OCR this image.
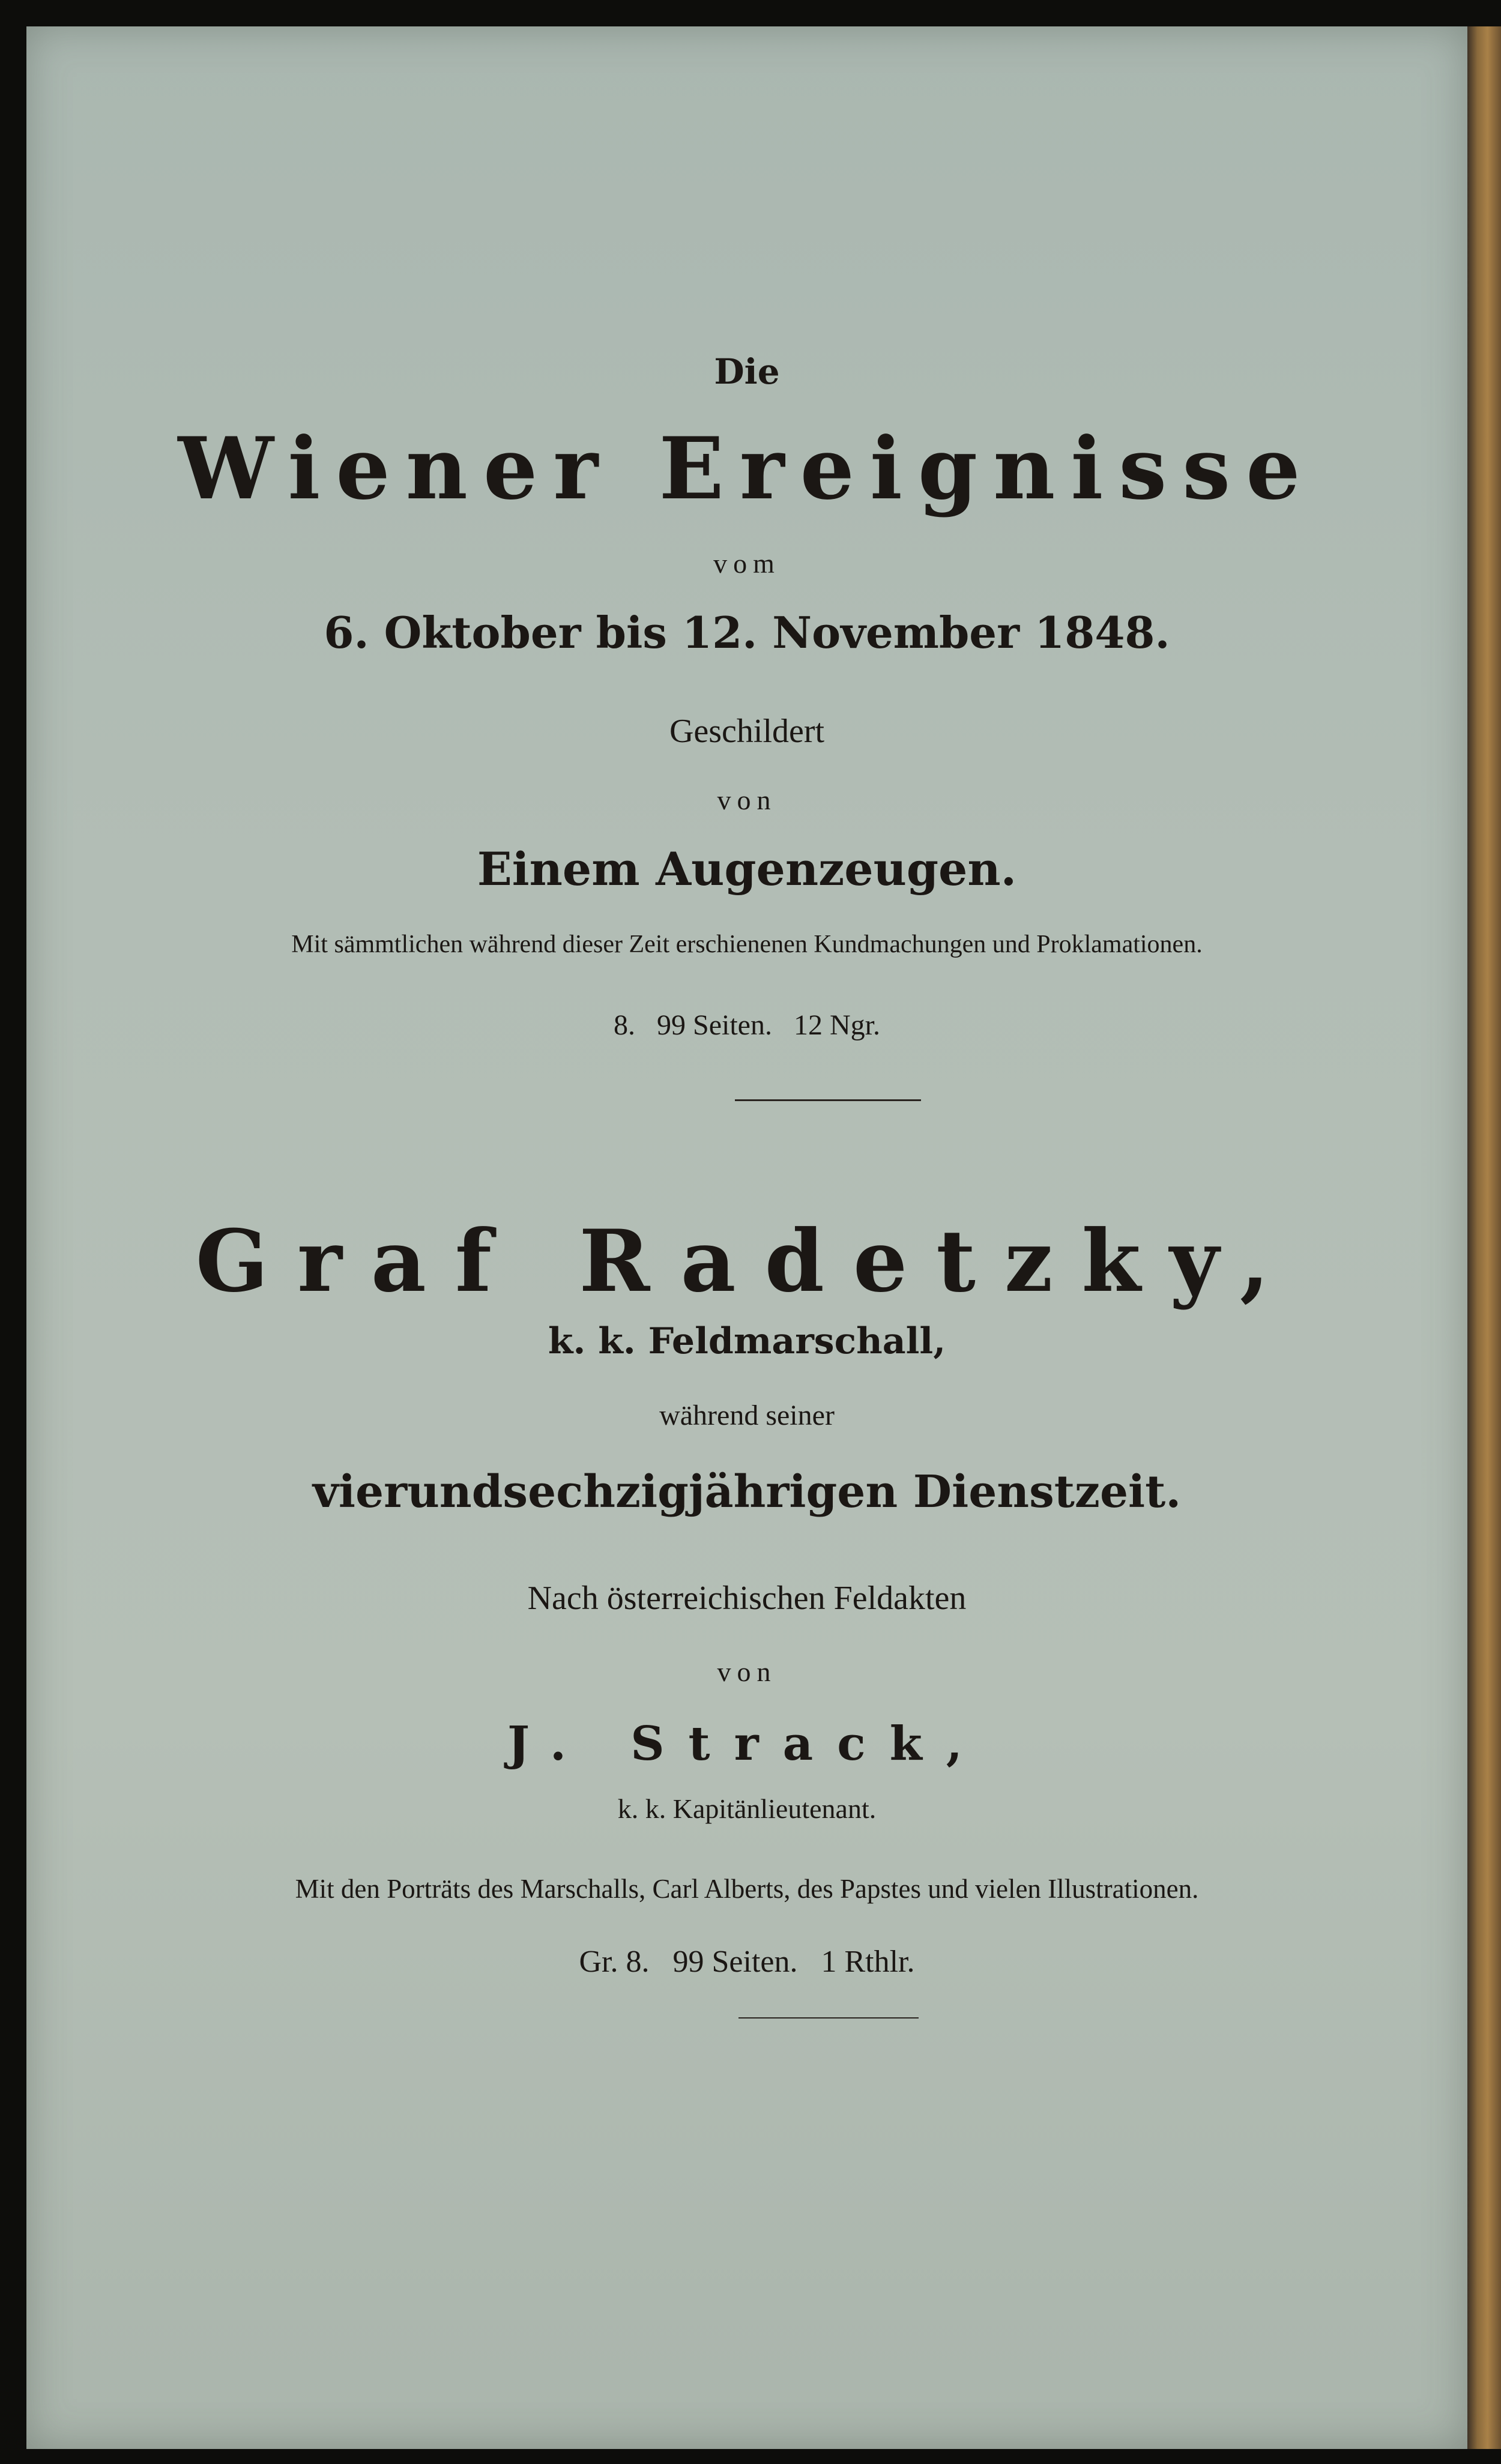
Die
Wiener Ereignisse
vom
6. Oktober bis 12. November 1848.
Geschildert
von
Einem Augenzeugen.
Mit sämmtlichen während dieser Zeit erschienenen Kundmachungen und Proklamationen.
8.   99 Seiten.   12 Ngr.
Graf Radetzky,
k. k. Feldmarschall,
während seiner
vierundsechzigjährigen Dienstzeit.
Nach österreichischen Feldakten
von
J. Strack,
k. k. Kapitänlieutenant.
Mit den Porträts des Marschalls, Carl Alberts, des Papstes und vielen Illustrationen.
Gr. 8.   99 Seiten.   1 Rthlr.
